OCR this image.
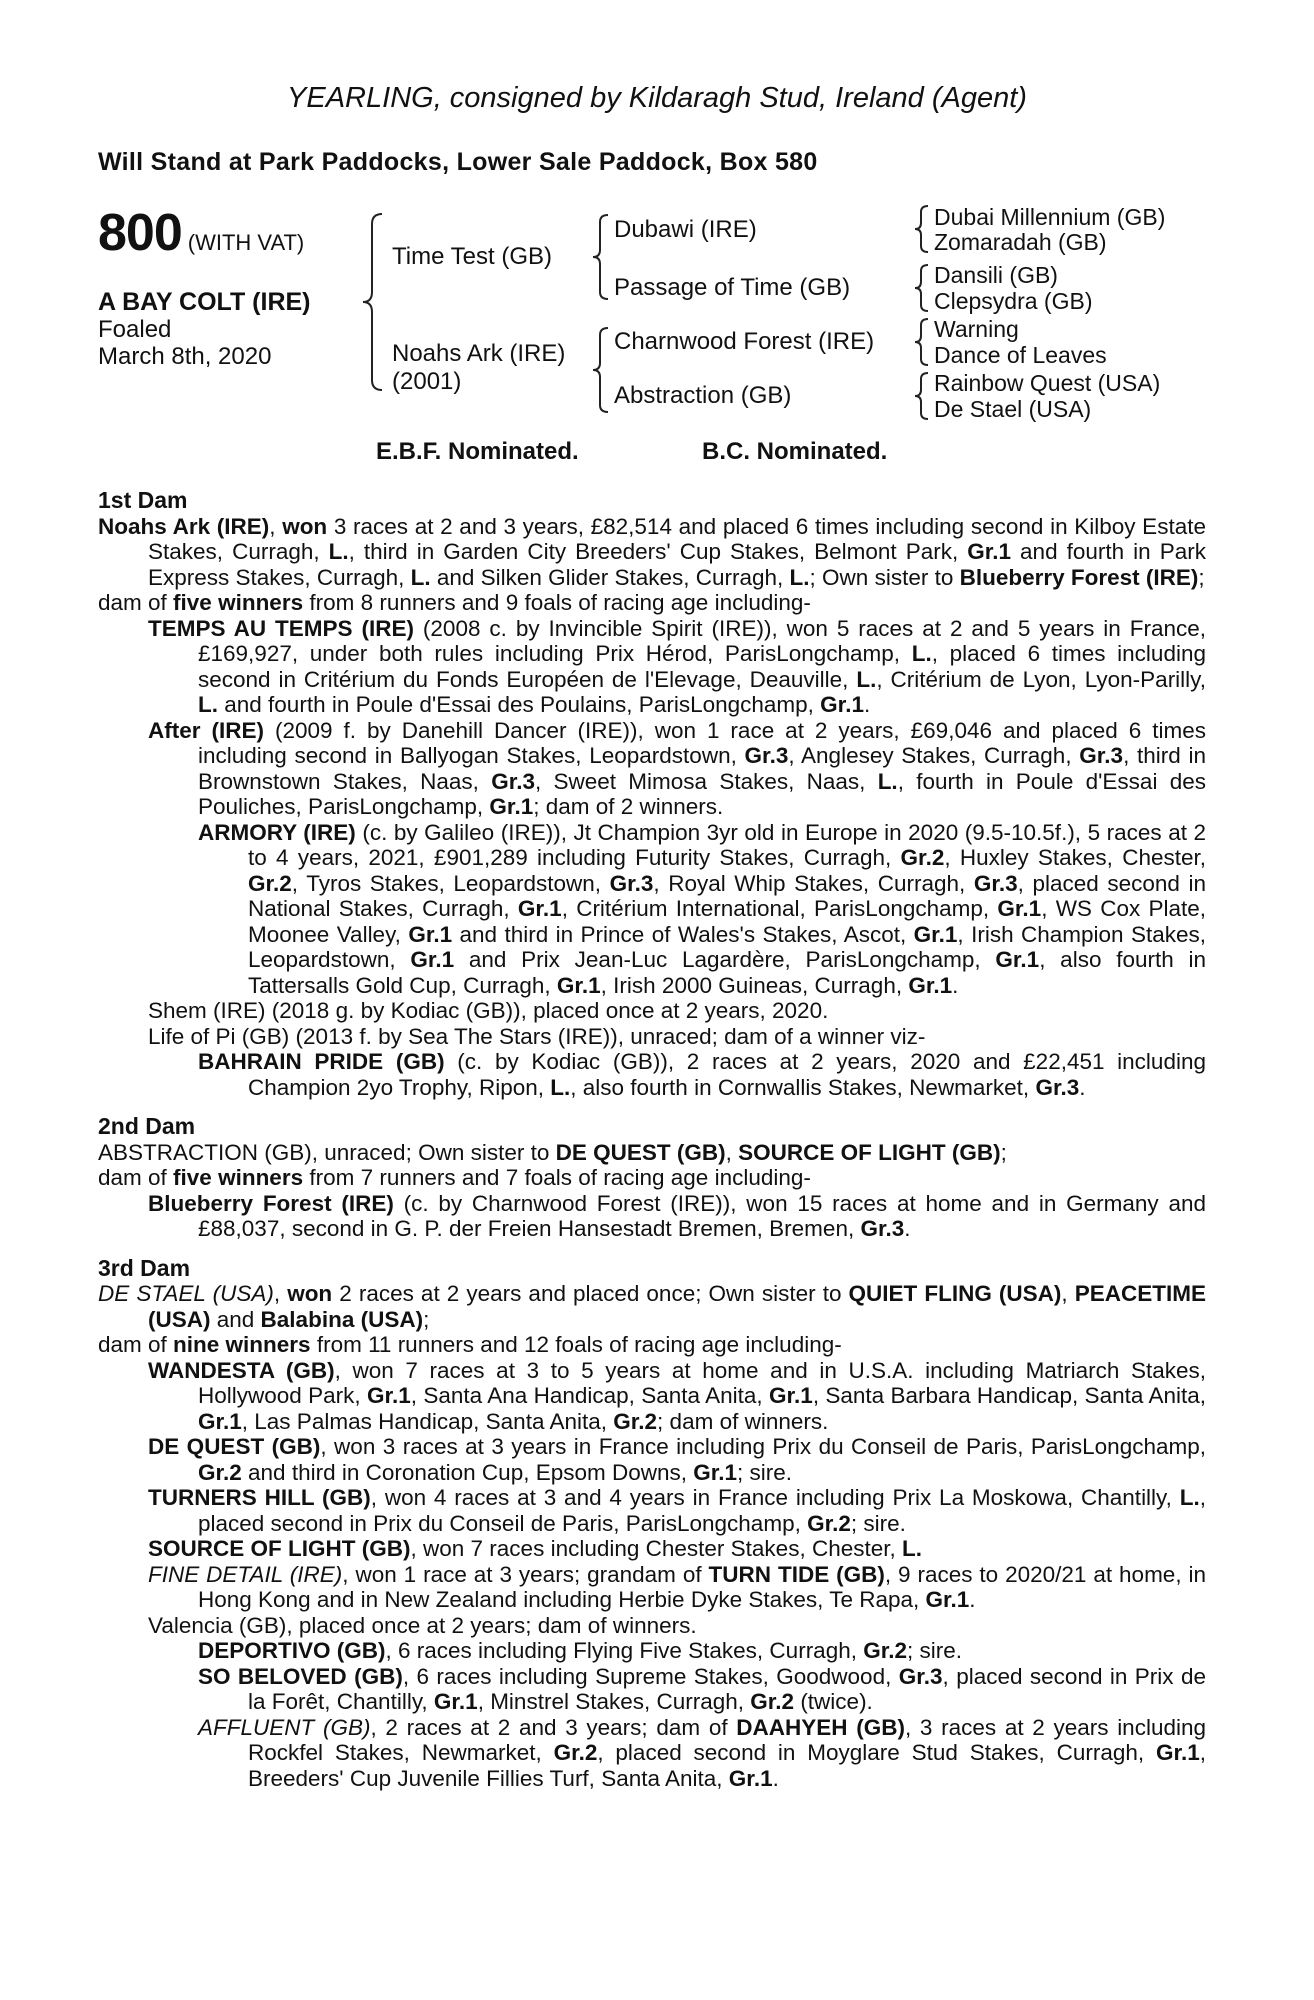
YEARLING, consigned by Kildaragh Stud, Ireland (Agent)
Will Stand at Park Paddocks, Lower Sale Paddock, Box 580
800 (WITH VAT)
A BAY COLT (IRE)
Foaled
March 8th, 2020
Time Test (GB)
Noahs Ark (IRE)
(2001)
Dubawi (IRE)
Passage of Time (GB)
Charnwood Forest (IRE)
Abstraction (GB)
Dubai Millennium (GB)
Zomaradah (GB)
Dansili (GB)
Clepsydra (GB)
Warning
Dance of Leaves
Rainbow Quest (USA)
De Stael (USA)
E.B.F. Nominated.	B.C. Nominated.
1st Dam

Noahs Ark (IRE), won 3 races at 2 and 3 years, £82,514 and placed 6 times including second in Kilboy Estate Stakes, Curragh, L., third in Garden City Breeders' Cup Stakes, Belmont Park, Gr.1 and fourth in Park Express Stakes, Curragh, L. and Silken Glider Stakes, Curragh, L.; Own sister to Blueberry Forest (IRE);

dam of five winners from 8 runners and 9 foals of racing age including-

TEMPS AU TEMPS (IRE) (2008 c. by Invincible Spirit (IRE)), won 5 races at 2 and 5 years in France, £169,927, under both rules including Prix Hérod, ParisLongchamp, L., placed 6 times including second in Critérium du Fonds Européen de l'Elevage, Deauville, L., Critérium de Lyon, Lyon-Parilly, L. and fourth in Poule d'Essai des Poulains, ParisLongchamp, Gr.1.

After (IRE) (2009 f. by Danehill Dancer (IRE)), won 1 race at 2 years, £69,046 and placed 6 times including second in Ballyogan Stakes, Leopardstown, Gr.3, Anglesey Stakes, Curragh, Gr.3, third in Brownstown Stakes, Naas, Gr.3, Sweet Mimosa Stakes, Naas, L., fourth in Poule d'Essai des Pouliches, ParisLongchamp, Gr.1; dam of 2 winners.

ARMORY (IRE) (c. by Galileo (IRE)), Jt Champion 3yr old in Europe in 2020 (9.5-10.5f.), 5 races at 2 to 4 years, 2021, £901,289 including Futurity Stakes, Curragh, Gr.2, Huxley Stakes, Chester, Gr.2, Tyros Stakes, Leopardstown, Gr.3, Royal Whip Stakes, Curragh, Gr.3, placed second in National Stakes, Curragh, Gr.1, Critérium International, ParisLongchamp, Gr.1, WS Cox Plate, Moonee Valley, Gr.1 and third in Prince of Wales's Stakes, Ascot, Gr.1, Irish Champion Stakes, Leopardstown, Gr.1 and Prix Jean-Luc Lagardère, ParisLongchamp, Gr.1, also fourth in Tattersalls Gold Cup, Curragh, Gr.1, Irish 2000 Guineas, Curragh, Gr.1.

Shem (IRE) (2018 g. by Kodiac (GB)), placed once at 2 years, 2020.

Life of Pi (GB) (2013 f. by Sea The Stars (IRE)), unraced; dam of a winner viz-

BAHRAIN PRIDE (GB) (c. by Kodiac (GB)), 2 races at 2 years, 2020 and £22,451 including Champion 2yo Trophy, Ripon, L., also fourth in Cornwallis Stakes, Newmarket, Gr.3.

2nd Dam

ABSTRACTION (GB), unraced; Own sister to DE QUEST (GB), SOURCE OF LIGHT (GB);

dam of five winners from 7 runners and 7 foals of racing age including-

Blueberry Forest (IRE) (c. by Charnwood Forest (IRE)), won 15 races at home and in Germany and £88,037, second in G. P. der Freien Hansestadt Bremen, Bremen, Gr.3.

3rd Dam

DE STAEL (USA), won 2 races at 2 years and placed once; Own sister to QUIET FLING (USA), PEACETIME (USA) and Balabina (USA);

dam of nine winners from 11 runners and 12 foals of racing age including-

WANDESTA (GB), won 7 races at 3 to 5 years at home and in U.S.A. including Matriarch Stakes, Hollywood Park, Gr.1, Santa Ana Handicap, Santa Anita, Gr.1, Santa Barbara Handicap, Santa Anita, Gr.1, Las Palmas Handicap, Santa Anita, Gr.2; dam of winners.

DE QUEST (GB), won 3 races at 3 years in France including Prix du Conseil de Paris, ParisLongchamp, Gr.2 and third in Coronation Cup, Epsom Downs, Gr.1; sire.

TURNERS HILL (GB), won 4 races at 3 and 4 years in France including Prix La Moskowa, Chantilly, L., placed second in Prix du Conseil de Paris, ParisLongchamp, Gr.2; sire.

SOURCE OF LIGHT (GB), won 7 races including Chester Stakes, Chester, L.

FINE DETAIL (IRE), won 1 race at 3 years; grandam of TURN TIDE (GB), 9 races to 2020/21 at home, in Hong Kong and in New Zealand including Herbie Dyke Stakes, Te Rapa, Gr.1.

Valencia (GB), placed once at 2 years; dam of winners.

DEPORTIVO (GB), 6 races including Flying Five Stakes, Curragh, Gr.2; sire.

SO BELOVED (GB), 6 races including Supreme Stakes, Goodwood, Gr.3, placed second in Prix de la Forêt, Chantilly, Gr.1, Minstrel Stakes, Curragh, Gr.2 (twice).

AFFLUENT (GB), 2 races at 2 and 3 years; dam of DAAHYEH (GB), 3 races at 2 years including Rockfel Stakes, Newmarket, Gr.2, placed second in Moyglare Stud Stakes, Curragh, Gr.1, Breeders' Cup Juvenile Fillies Turf, Santa Anita, Gr.1.
